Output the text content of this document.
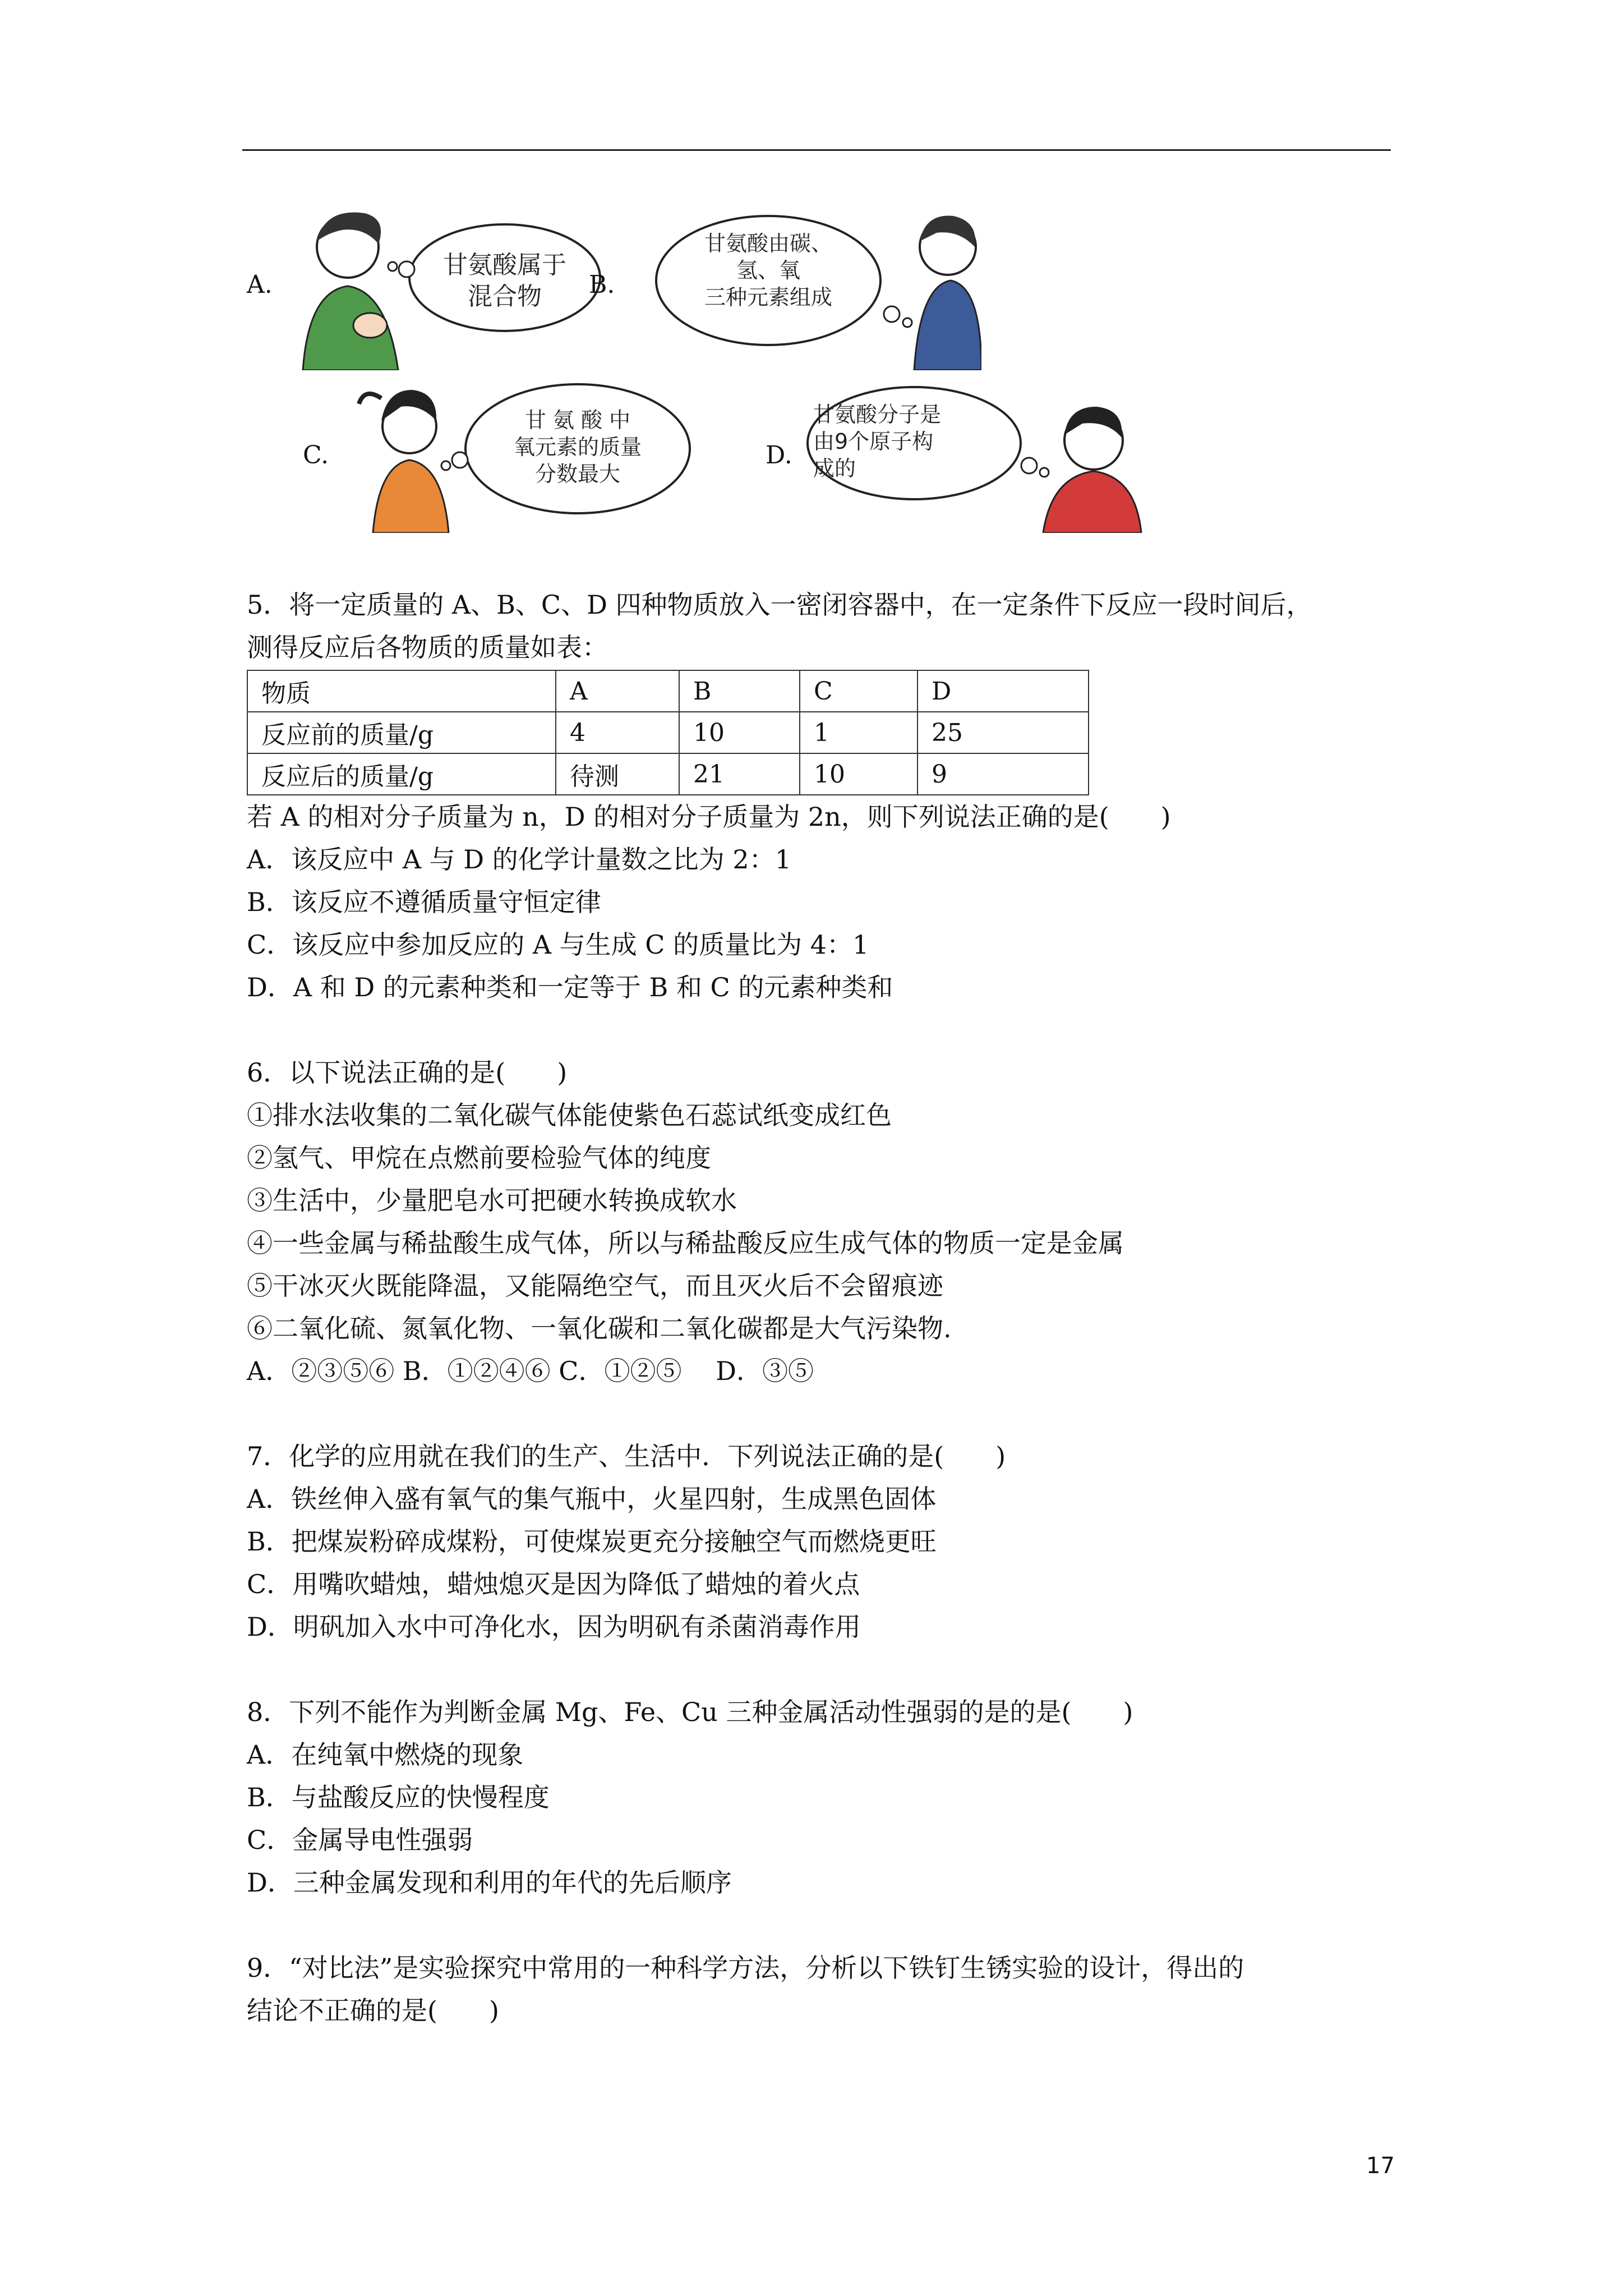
A.
甘氨酸属于
混合物	B.
甘氨酸由碳、
氢、氧
三种元素组成
C.
甘 氨 酸 中
氧元素的质量
分数最大
D.
甘氨酸分子是
由9个原子构
成的
5．将一定质量的 A、B、C、D 四种物质放入一密闭容器中，在一定条件下反应一段时间后，
测得反应后各物质的质量如表：
物质	A	B	C	D
反应前的质量/g	4	10	1	25
反应后的质量/g	待测	21	10	9
若 A 的相对分子质量为 n，D 的相对分子质量为 2n，则下列说法正确的是(　　)
A．该反应中 A 与 D 的化学计量数之比为 2：1
B．该反应不遵循质量守恒定律
C．该反应中参加反应的 A 与生成 C 的质量比为 4：1
D．A 和 D 的元素种类和一定等于 B 和 C 的元素种类和
6．以下说法正确的是(　　)
①排水法收集的二氧化碳气体能使紫色石蕊试纸变成红色
②氢气、甲烷在点燃前要检验气体的纯度
③生活中，少量肥皂水可把硬水转换成软水
④一些金属与稀盐酸生成气体，所以与稀盐酸反应生成气体的物质一定是金属
⑤干冰灭火既能降温，又能隔绝空气，而且灭火后不会留痕迹
⑥二氧化硫、氮氧化物、一氧化碳和二氧化碳都是大气污染物.
A．②③⑤⑥ B．①②④⑥ C．①②⑤　 D．③⑤
7．化学的应用就在我们的生产、生活中．下列说法正确的是(　　)
A．铁丝伸入盛有氧气的集气瓶中，火星四射，生成黑色固体
B．把煤炭粉碎成煤粉，可使煤炭更充分接触空气而燃烧更旺
C．用嘴吹蜡烛，蜡烛熄灭是因为降低了蜡烛的着火点
D．明矾加入水中可净化水，因为明矾有杀菌消毒作用
8．下列不能作为判断金属 Mg、Fe、Cu 三种金属活动性强弱的是的是(　　)
A．在纯氧中燃烧的现象
B．与盐酸反应的快慢程度
C．金属导电性强弱
D．三种金属发现和利用的年代的先后顺序
9．“对比法”是实验探究中常用的一种科学方法，分析以下铁钉生锈实验的设计，得出的
结论不正确的是(　　)
17
